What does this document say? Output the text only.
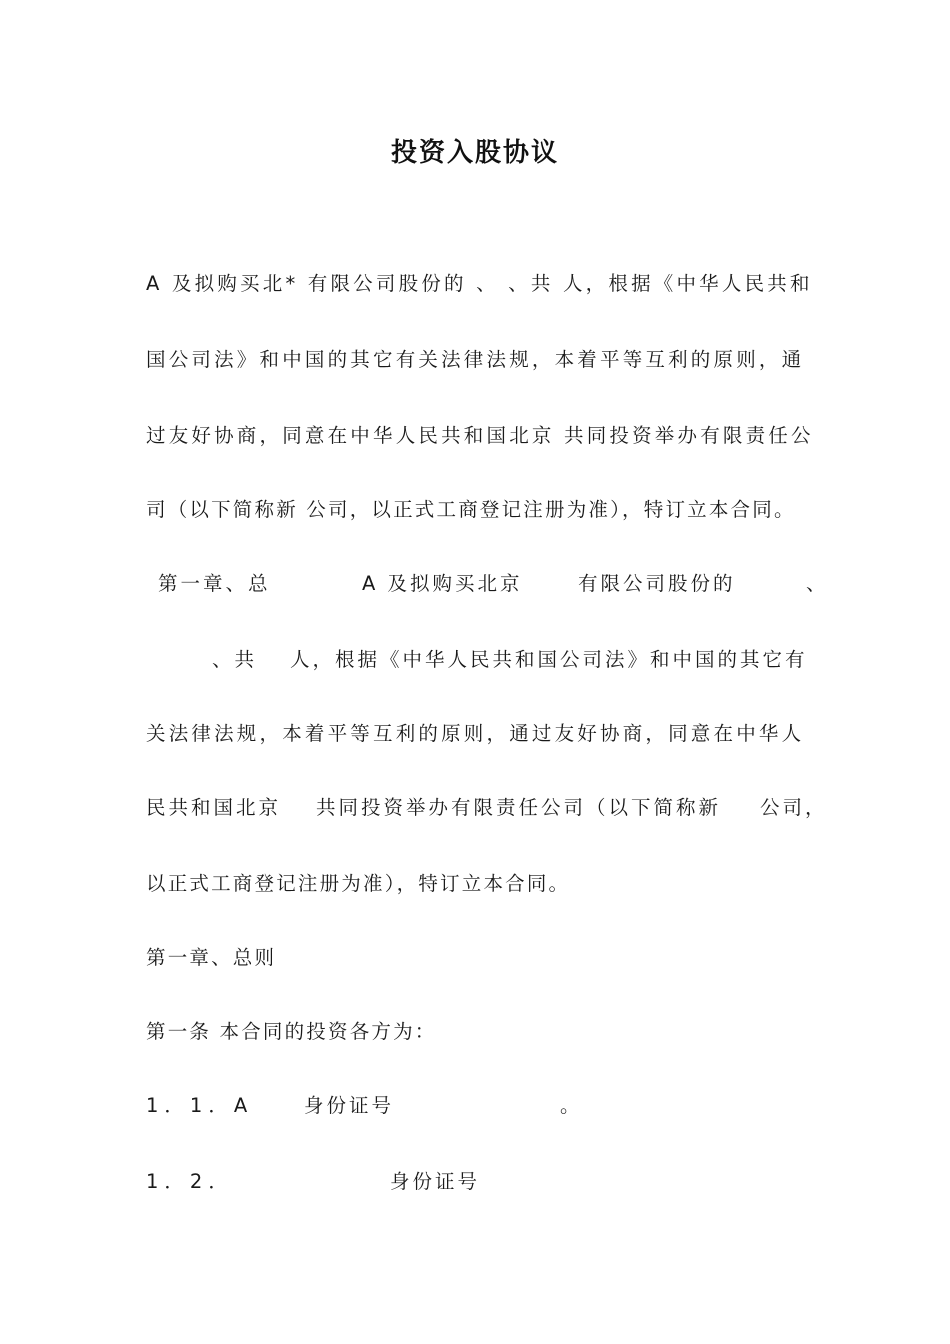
投资入股协议
A 及拟购买北* 有限公司股份的 、 、共 人，根据《中华人民共和
国公司法》和中国的其它有关法律法规，本着平等互利的原则，通
过友好协商，同意在中华人民共和国北京 共同投资举办有限责任公
司（以下简称新 公司，以正式工商登记注册为准），特订立本合同。
第一章、总	A 及拟购买北京	有限公司股份的	、
、共 人，根据《中华人民共和国公司法》和中国的其它有
关法律法规，本着平等互利的原则，通过友好协商，同意在中华人
民共和国北京 共同投资举办有限责任公司（以下简称新 公司，
以正式工商登记注册为准），特订立本合同。
第一章、总则
第一条 本合同的投资各方为：
1．1．A	身份证号	。
1．2．	身份证号
